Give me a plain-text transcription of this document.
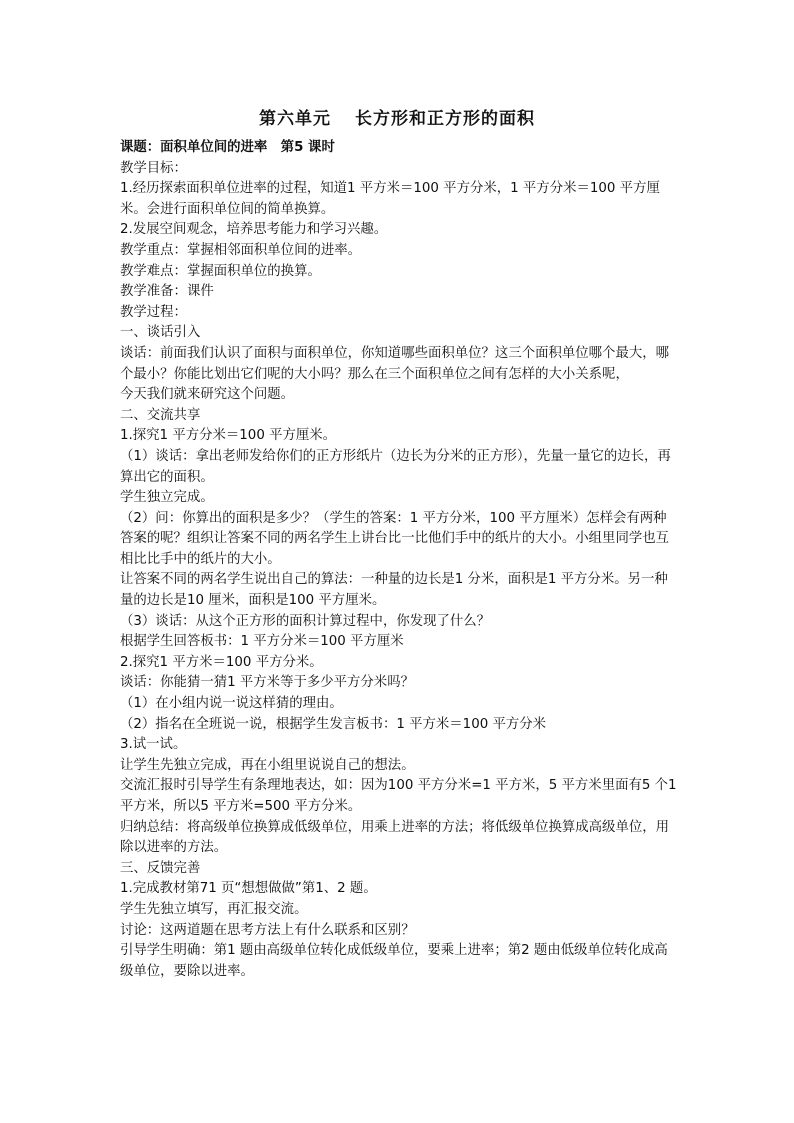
第六单元 长方形和正方形的面积

课题：面积单位间的进率　第5 课时

教学目标：

1.经历探索面积单位进率的过程，知道1 平方米＝100 平方分米，1 平方分米＝100 平方厘米。会进行面积单位间的简单换算。

2.发展空间观念，培养思考能力和学习兴趣。

教学重点：掌握相邻面积单位间的进率。

教学难点：掌握面积单位的换算。

教学准备：课件

教学过程：

一、谈话引入

谈话：前面我们认识了面积与面积单位，你知道哪些面积单位？这三个面积单位哪个最大，哪个最小？你能比划出它们呢的大小吗？那么在三个面积单位之间有怎样的大小关系呢，

今天我们就来研究这个问题。

二、交流共享

1.探究1 平方分米＝100 平方厘米。

（1）谈话：拿出老师发给你们的正方形纸片（边长为分米的正方形），先量一量它的边长，再算出它的面积。

学生独立完成。

（2）问：你算出的面积是多少？（学生的答案：1 平方分米，100 平方厘米）怎样会有两种答案的呢？组织让答案不同的两名学生上讲台比一比他们手中的纸片的大小。小组里同学也互相比比手中的纸片的大小。

让答案不同的两名学生说出自己的算法：一种量的边长是1 分米，面积是1 平方分米。另一种量的边长是10 厘米，面积是100 平方厘米。

（3）谈话：从这个正方形的面积计算过程中，你发现了什么？

根据学生回答板书：1 平方分米＝100 平方厘米

2.探究1 平方米＝100 平方分米。

谈话：你能猜一猜1 平方米等于多少平方分米吗？

（1）在小组内说一说这样猜的理由。

（2）指名在全班说一说，根据学生发言板书：1 平方米＝100 平方分米

3.试一试。

让学生先独立完成，再在小组里说说自己的想法。

交流汇报时引导学生有条理地表达，如：因为100 平方分米=1 平方米，5 平方米里面有5 个1 平方米，所以5 平方米=500 平方分米。

归纳总结：将高级单位换算成低级单位，用乘上进率的方法；将低级单位换算成高级单位，用除以进率的方法。

三、反馈完善

1.完成教材第71 页“想想做做”第1、2 题。

学生先独立填写，再汇报交流。

讨论：这两道题在思考方法上有什么联系和区别？

引导学生明确：第1 题由高级单位转化成低级单位，要乘上进率；第2 题由低级单位转化成高级单位，要除以进率。
